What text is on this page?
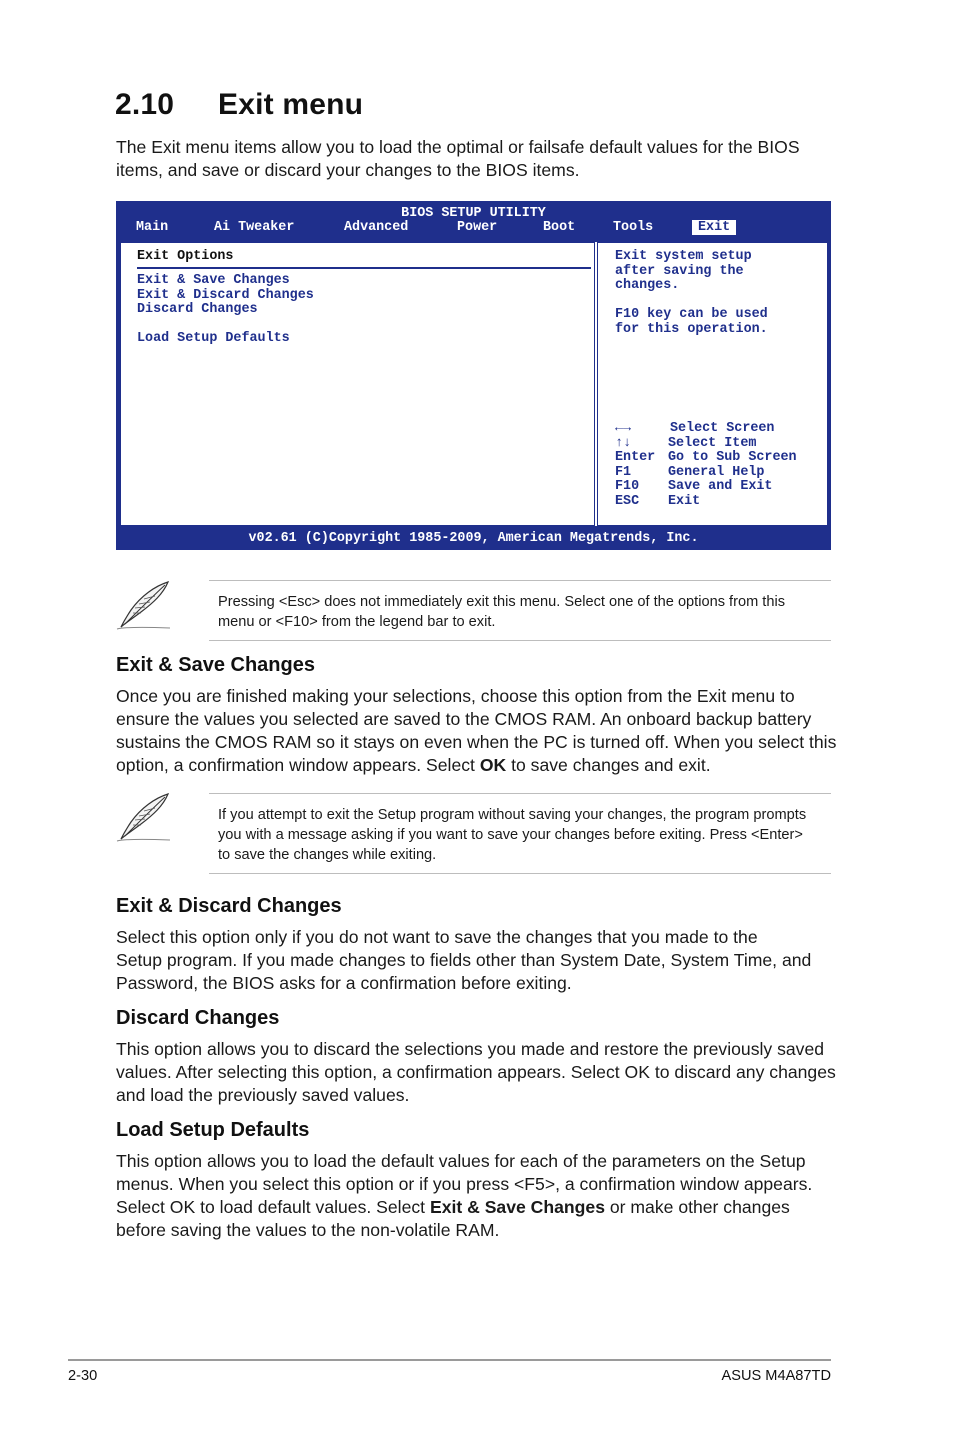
2.10 Exit menu
The Exit menu items allow you to load the optimal or failsafe default values for the BIOS
items, and save or discard your changes to the BIOS items.
BIOS SETUP UTILITY
Main	Ai Tweaker	Advanced	Power	Boot	Tools	Exit
Exit Options
Exit & Save Changes
Exit & Discard Changes
Discard Changes
Load Setup Defaults
Exit system setup
after saving the
changes.
F10 key can be used
for this operation.
←→	Select Screen
↑↓	Select Item
Enter Go to Sub Screen
F1	General Help
F10 Save and Exit
ESC Exit
v02.61 (C)Copyright 1985-2009, American Megatrends, Inc.
Pressing <Esc> does not immediately exit this menu. Select one of the options from this
menu or <F10> from the legend bar to exit.
Exit & Save Changes
Once you are finished making your selections, choose this option from the Exit menu to
ensure the values you selected are saved to the CMOS RAM. An onboard backup battery
sustains the CMOS RAM so it stays on even when the PC is turned off. When you select this
option, a confirmation window appears. Select OK to save changes and exit.
If you attempt to exit the Setup program without saving your changes, the program prompts
you with a message asking if you want to save your changes before exiting. Press <Enter>
to save the changes while exiting.
Exit & Discard Changes
Select this option only if you do not want to save the changes that you made to the
Setup program. If you made changes to fields other than System Date, System Time, and
Password, the BIOS asks for a confirmation before exiting.
Discard Changes
This option allows you to discard the selections you made and restore the previously saved
values. After selecting this option, a confirmation appears. Select OK to discard any changes
and load the previously saved values.
Load Setup Defaults
This option allows you to load the default values for each of the parameters on the Setup
menus. When you select this option or if you press <F5>, a confirmation window appears.
Select OK to load default values. Select Exit & Save Changes or make other changes
before saving the values to the non-volatile RAM.
2-30	ASUS M4A87TD
